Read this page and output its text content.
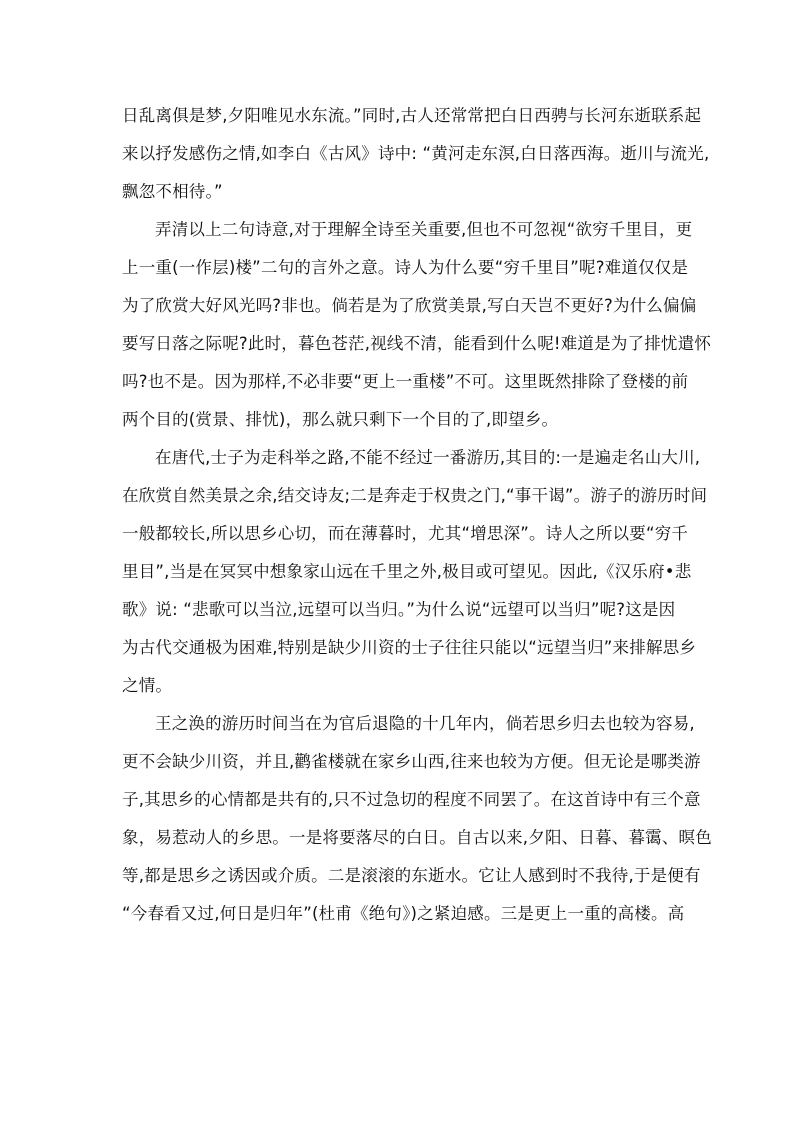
日乱离俱是梦,夕阳唯见水东流。”同时,古人还常常把白日西骋与长河东逝联系起
来以抒发感伤之情,如李白《古风》诗中: “黄河走东溟,白日落西海。逝川与流光,
飘忽不相待。”
弄清以上二句诗意,对于理解全诗至关重要,但也不可忽视“欲穷千里目，更
上一重(一作层)楼”二句的言外之意。诗人为什么要“穷千里目”呢?难道仅仅是
为了欣赏大好风光吗?非也。倘若是为了欣赏美景,写白天岂不更好?为什么偏偏
要写日落之际呢?此时，暮色苍茫,视线不清，能看到什么呢!难道是为了排忧遣怀
吗?也不是。因为那样,不必非要“更上一重楼”不可。这里既然排除了登楼的前
两个目的(赏景、排忧)，那么就只剩下一个目的了,即望乡。
在唐代,士子为走科举之路,不能不经过一番游历,其目的:一是遍走名山大川,
在欣赏自然美景之余,结交诗友;二是奔走于权贵之门,“事干谒”。游子的游历时间
一般都较长,所以思乡心切，而在薄暮时，尤其“增思深”。诗人之所以要“穷千
里目”,当是在冥冥中想象家山远在千里之外,极目或可望见。因此,《汉乐府•悲
歌》说: “悲歌可以当泣,远望可以当归。”为什么说“远望可以当归”呢?这是因
为古代交通极为困难,特别是缺少川资的士子往往只能以“远望当归”来排解思乡
之情。
王之涣的游历时间当在为官后退隐的十几年内，倘若思乡归去也较为容易,
更不会缺少川资，并且,鹳雀楼就在家乡山西,往来也较为方便。但无论是哪类游
子,其思乡的心情都是共有的,只不过急切的程度不同罢了。在这首诗中有三个意
象，易惹动人的乡思。一是将要落尽的白日。自古以来,夕阳、日暮、暮霭、暝色
等,都是思乡之诱因或介质。二是滚滚的东逝水。它让人感到时不我待,于是便有
“今春看又过,何日是归年”(杜甫《绝句》)之紧迫感。三是更上一重的高楼。高
